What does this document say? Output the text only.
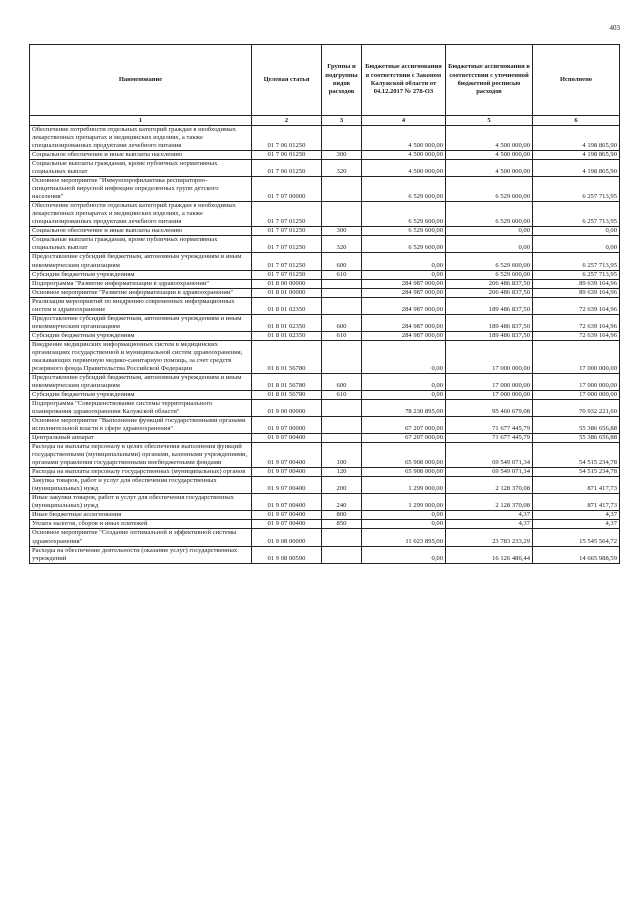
403
Наименование	Целевая статья	Группы и подгруппы видов расходов	Бюджетные ассигнования в соответствии с Законом Калужской области от 04.12.2017 № 278-ОЗ	Бюджетные ассигнования в соответствии с уточненной бюджетной росписью расходов	Исполнено
1	2	3	4	5	6
Обеспечение потребности отдельных категорий граждан в необходимых лекарственных препаратах и медицинских изделиях, а также специализированных продуктами лечебного питания	01 7 06 01250		4 500 000,00	4 500 000,00	4 198 865,90
Социальное обеспечение и иные выплаты населению	01 7 06 01250	300	4 500 000,00	4 500 000,00	4 198 865,90
Социальные выплаты гражданам, кроме публичных нормативных социальных выплат	01 7 06 01250	320	4 500 000,00	4 500 000,00	4 198 865,90
Основное мероприятие "Иммунопрофилактика респираторно-синцитиальной вирусной инфекции определенных групп детского населения"	01 7 07 00000		6 529 600,00	6 529 600,00	6 257 713,95
Обеспечение потребности отдельных категорий граждан в необходимых лекарственных препаратах и медицинских изделиях, а также специализированных продуктами лечебного питания	01 7 07 01250		6 529 600,00	6 529 600,00	6 257 713,95
Социальное обеспечение и иные выплаты населению	01 7 07 01250	300	6 529 600,00	0,00	0,00
Социальные выплаты гражданам, кроме публичных нормативных социальных выплат	01 7 07 01250	320	6 529 600,00	0,00	0,00
Предоставление субсидий бюджетным, автономным учреждениям и иным некоммерческим организациям	01 7 07 01250	600	0,00	6 529 600,00	6 257 713,95
Субсидии бюджетным учреждениям	01 7 07 01250	610	0,00	6 529 600,00	6 257 713,95
Подпрограмма "Развитие информатизации в здравоохранении"	01 8 00 00000		284 987 000,00	206 486 837,50	89 639 164,96
Основное мероприятие "Развитие информатизации в здравоохранении"	01 8 01 00000		284 987 000,00	206 486 837,50	89 639 164,96
Реализация мероприятий по внедрению современных информационных систем в здравоохранение	01 8 01 02350		284 987 000,00	189 486 837,50	72 639 164,96
Предоставление субсидий бюджетным, автономным учреждениям и иным некоммерческим организациям	01 8 01 02350	600	284 987 000,00	189 486 837,50	72 639 164,96
Субсидии бюджетным учреждениям	01 8 01 02350	610	284 987 000,00	189 486 837,50	72 639 164,96
Внедрение медицинских информационных систем в медицинских организациях государственной и муниципальной систем здравоохранения, оказывающих первичную медико-санитарную помощь, за счет средств резервного фонда Правительства Российской Федерации	01 8 01 56780		0,00	17 000 000,00	17 000 000,00
Предоставление субсидий бюджетным, автономным учреждениям и иным некоммерческим организациям	01 8 01 56780	600	0,00	17 000 000,00	17 000 000,00
Субсидии бюджетным учреждениям	01 8 01 56780	610	0,00	17 000 000,00	17 000 000,00
Подпрограмма "Совершенствование системы территориального планирования здравоохранения Калужской области"	01 9 00 00000		78 230 895,00	95 460 679,08	70 932 221,60
Основное мероприятие "Выполнение функций государственными органами исполнительной власти в сфере здравоохранения"	01 9 07 00000		67 207 000,00	71 677 445,79	55 386 656,88
Центральный аппарат	01 9 07 00400		67 207 000,00	71 677 445,79	55 386 656,88
Расходы на выплаты персоналу в целях обеспечения выполнения функций государственными (муниципальными) органами, казенными учреждениями, органами управления государственными внебюджетными фондами	01 9 07 00400	100	65 908 000,00	69 549 071,34	54 515 234,78
Расходы на выплаты персоналу государственных (муниципальных) органов	01 9 07 00400	120	65 908 000,00	69 549 071,34	54 515 234,78
Закупка товаров, работ и услуг для обеспечения государственных (муниципальных) нужд	01 9 07 00400	200	1 299 000,00	2 128 370,08	871 417,73
Иные закупки товаров, работ и услуг для обеспечения государственных (муниципальных) нужд	01 9 07 00400	240	1 299 000,00	2 128 370,08	871 417,73
Иные бюджетные ассигнования	01 9 07 00400	800	0,00	4,37	4,37
Уплата налогов, сборов и иных платежей	01 9 07 00400	850	0,00	4,37	4,37
Основное мероприятие "Создание оптимальной и эффективной системы здравоохранения"	01 9 08 00000		11 023 895,00	23 783 233,29	15 545 564,72
Расходы на обеспечение деятельности (оказание услуг) государственных учреждений	01 9 08 00590		0,00	16 126 486,44	14 665 988,59
